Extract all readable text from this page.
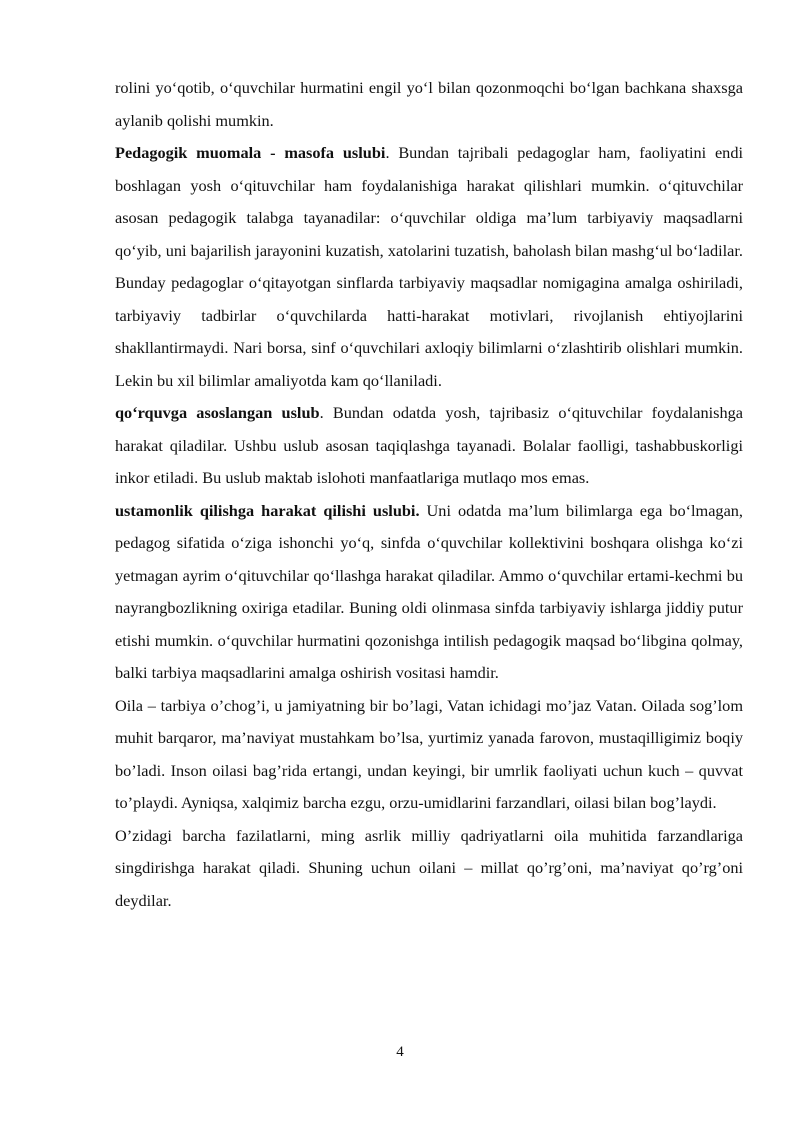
rolini yo‘qotib, o‘quvchilar hurmatini engil yo‘l bilan qozonmoqchi bo‘lgan bachkana shaxsga aylanib qolishi mumkin.

Pedagogik muomala - masofa uslubi. Bundan tajribali pedagoglar ham, faoliyatini endi boshlagan yosh o‘qituvchilar ham foydalanishiga harakat qilishlari mumkin. o‘qituvchilar asosan pedagogik talabga tayanadilar: o‘quvchilar oldiga ma’lum tarbiyaviy maqsadlarni qo‘yib, uni bajarilish jarayonini kuzatish, xatolarini tuzatish, baholash bilan mashg‘ul bo‘ladilar. Bunday pedagoglar o‘qitayotgan sinflarda tarbiyaviy maqsadlar nomigagina amalga oshiriladi, tarbiyaviy tadbirlar o‘quvchilarda hatti-harakat motivlari, rivojlanish ehtiyojlarini shakllantirmaydi. Nari borsa, sinf o‘quvchilari axloqiy bilimlarni o‘zlashtirib olishlari mumkin. Lekin bu xil bilimlar amaliyotda kam qo‘llaniladi.

qo‘rquvga asoslangan uslub. Bundan odatda yosh, tajribasiz o‘qituvchilar foydalanishga harakat qiladilar. Ushbu uslub asosan taqiqlashga tayanadi. Bolalar faolligi, tashabbuskorligi inkor etiladi. Bu uslub maktab islohoti manfaatlariga mutlaqo mos emas.

ustamonlik qilishga harakat qilishi uslubi. Uni odatda ma’lum bilimlarga ega bo‘lmagan, pedagog sifatida o‘ziga ishonchi yo‘q, sinfda o‘quvchilar kollektivini boshqara olishga ko‘zi yetmagan ayrim o‘qituvchilar qo‘llashga harakat qiladilar. Ammo o‘quvchilar ertami-kechmi bu nayrangbozlikning oxiriga etadilar. Buning oldi olinmasa sinfda tarbiyaviy ishlarga jiddiy putur etishi mumkin. o‘quvchilar hurmatini qozonishga intilish pedagogik maqsad bo‘libgina qolmay, balki tarbiya maqsadlarini amalga oshirish vositasi hamdir.

Oila – tarbiya o’chog’i, u jamiyatning bir bo’lagi, Vatan ichidagi mo’jaz Vatan. Oilada sog’lom muhit barqaror, ma’naviyat mustahkam bo’lsa, yurtimiz yanada farovon, mustaqilligimiz boqiy bo’ladi. Inson oilasi bag’rida ertangi, undan keyingi, bir umrlik faoliyati uchun kuch – quvvat to’playdi. Ayniqsa, xalqimiz barcha ezgu, orzu-umidlarini farzandlari, oilasi bilan bog’laydi.

O’zidagi barcha fazilatlarni, ming asrlik milliy qadriyatlarni oila muhitida farzandlariga singdirishga harakat qiladi. Shuning uchun oilani – millat qo’rg’oni, ma’naviyat qo’rg’oni deydilar.

4
